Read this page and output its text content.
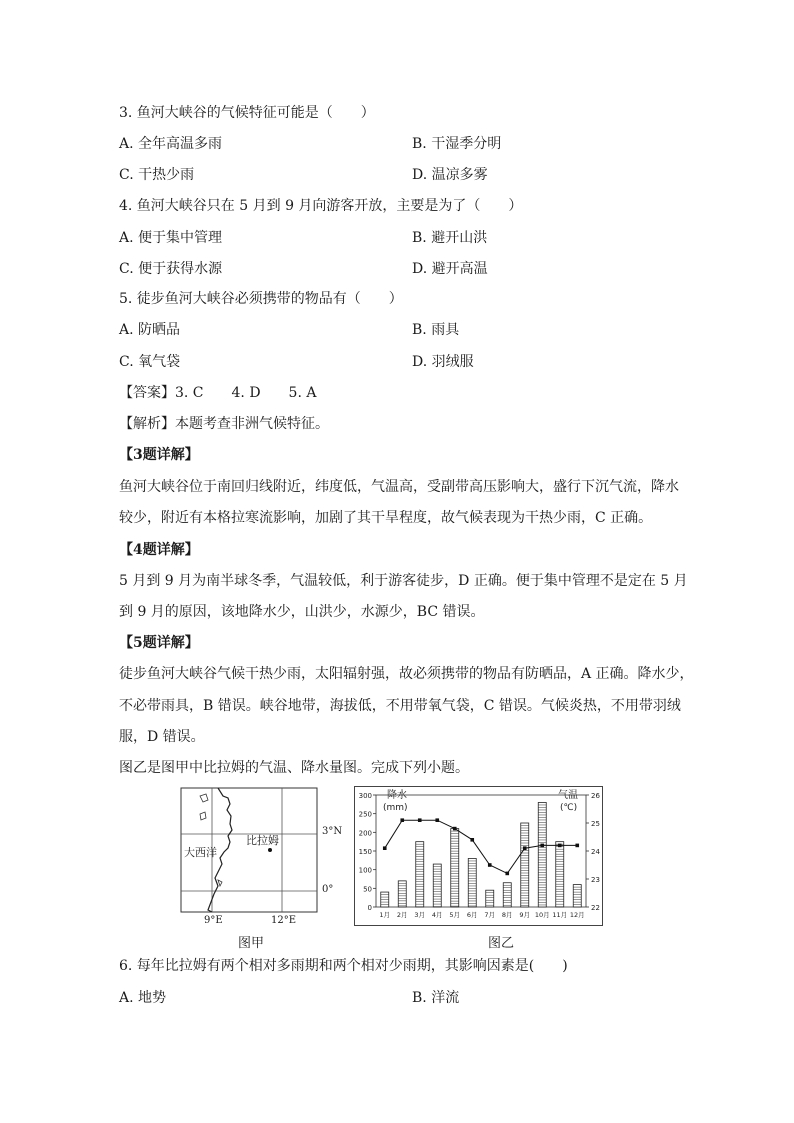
3. 鱼河大峡谷的气候特征可能是（　　）
A. 全年高温多雨	B. 干湿季分明
C. 干热少雨	D. 温凉多雾
4. 鱼河大峡谷只在 5 月到 9 月向游客开放，主要是为了（　　）
A. 便于集中管理	B. 避开山洪
C. 便于获得水源	D. 避开高温
5. 徒步鱼河大峡谷必须携带的物品有（　　）
A. 防晒品	B. 雨具
C. 氧气袋	D. 羽绒服
【答案】3. C　　4. D　　5. A
【解析】本题考查非洲气候特征。
【3题详解】
鱼河大峡谷位于南回归线附近，纬度低，气温高，受副带高压影响大，盛行下沉气流，降水
较少，附近有本格拉寒流影响，加剧了其干旱程度，故气候表现为干热少雨，C 正确。
【4题详解】
5 月到 9 月为南半球冬季，气温较低，利于游客徒步，D 正确。便于集中管理不是定在 5 月
到 9 月的原因，该地降水少，山洪少，水源少，BC 错误。
【5题详解】
徒步鱼河大峡谷气候干热少雨，太阳辐射强，故必须携带的物品有防晒品，A 正确。降水少，
不必带雨具，B 错误。峡谷地带，海拔低，不用带氧气袋，C 错误。气候炎热，不用带羽绒
服，D 错误。
图乙是图甲中比拉姆的气温、降水量图。完成下列小题。
比拉姆
大西洋
3°N
0°
9°E	12°E
图甲
降水
(mm)
气温
(℃)
0
50
100
150
200
250
300
22
23
24
25
26
1月 2月 3月 4月 5月 6月 7月 8月 9月 10月 11月 12月
图乙
6. 每年比拉姆有两个相对多雨期和两个相对少雨期，其影响因素是(　　)
A. 地势	B. 洋流
